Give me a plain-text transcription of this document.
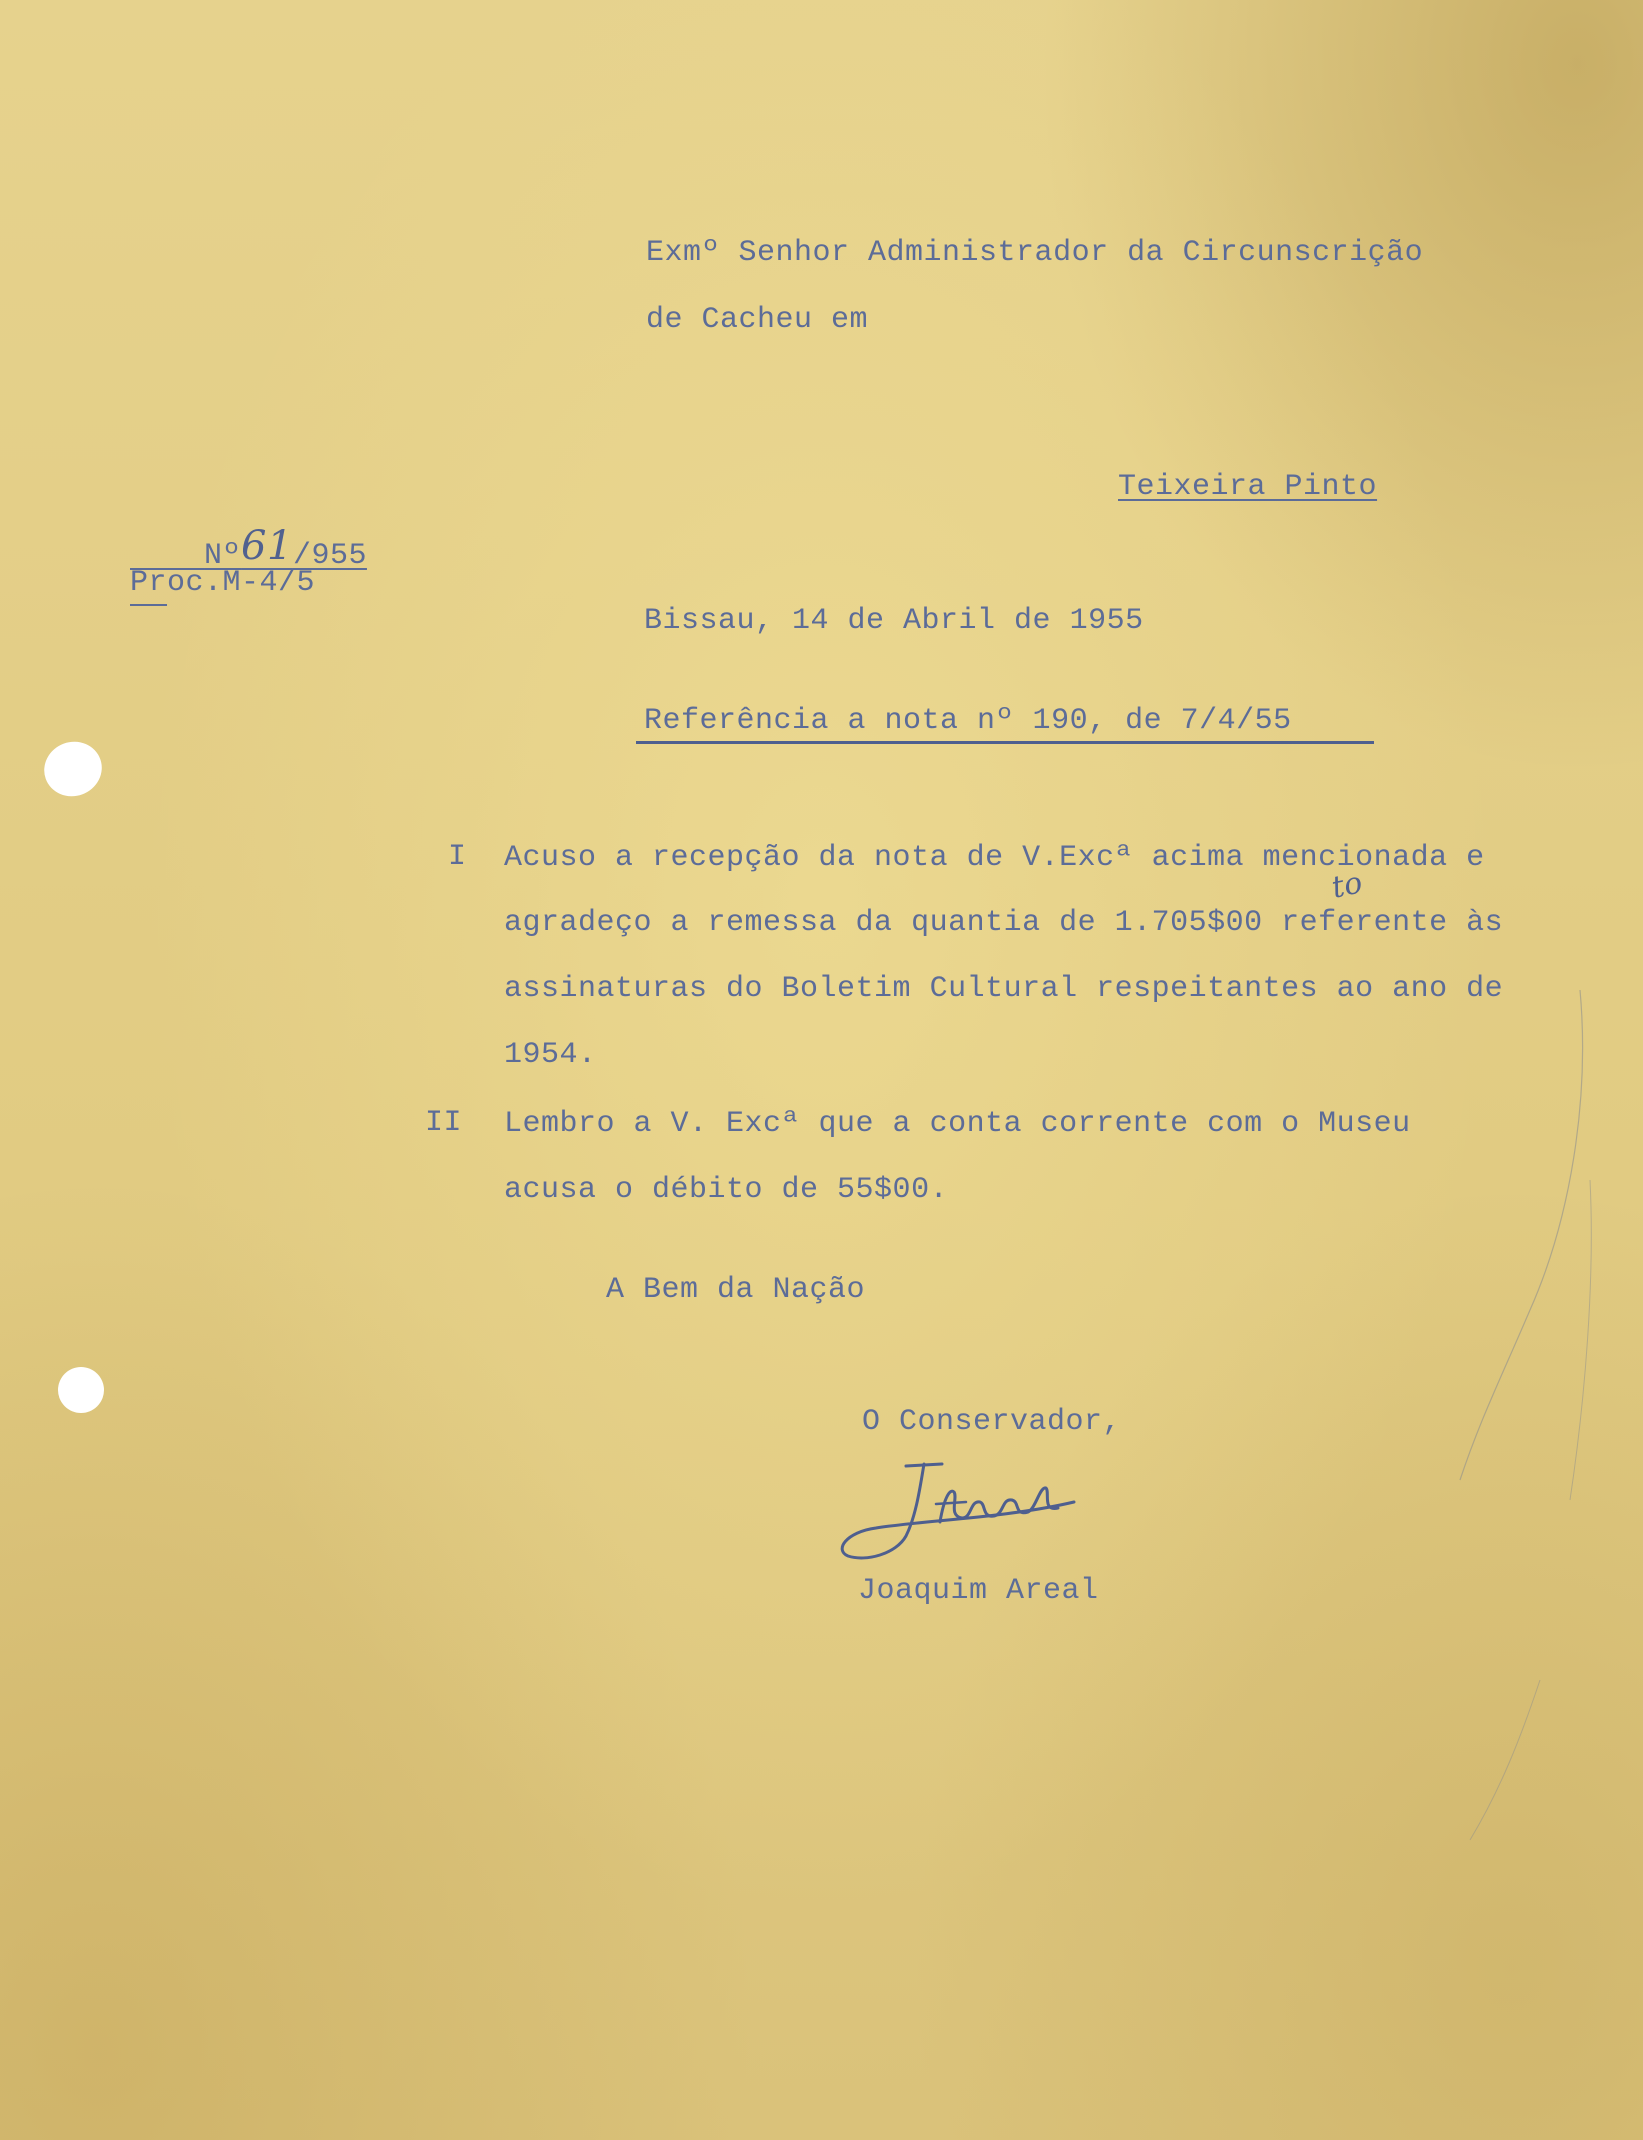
Exmº Senhor Administrador da Circunscrição
de Cacheu em
Teixeira Pinto

Nº61/955

Proc.M-4/5
Bissau, 14 de Abril de 1955
Referência a nota nº 190, de 7/4/55
I Acuso a recepção da nota de V.Excª acima mencionada e
agradeço a remessa da quantia de 1.705$00 referente às
assinaturas do Boletim Cultural respeitantes ao ano de
1954.
to
II Lembro a V. Excª que a conta corrente com o Museu
acusa o débito de 55$00.
A Bem da Nação
O Conservador,
Joaquim Areal
